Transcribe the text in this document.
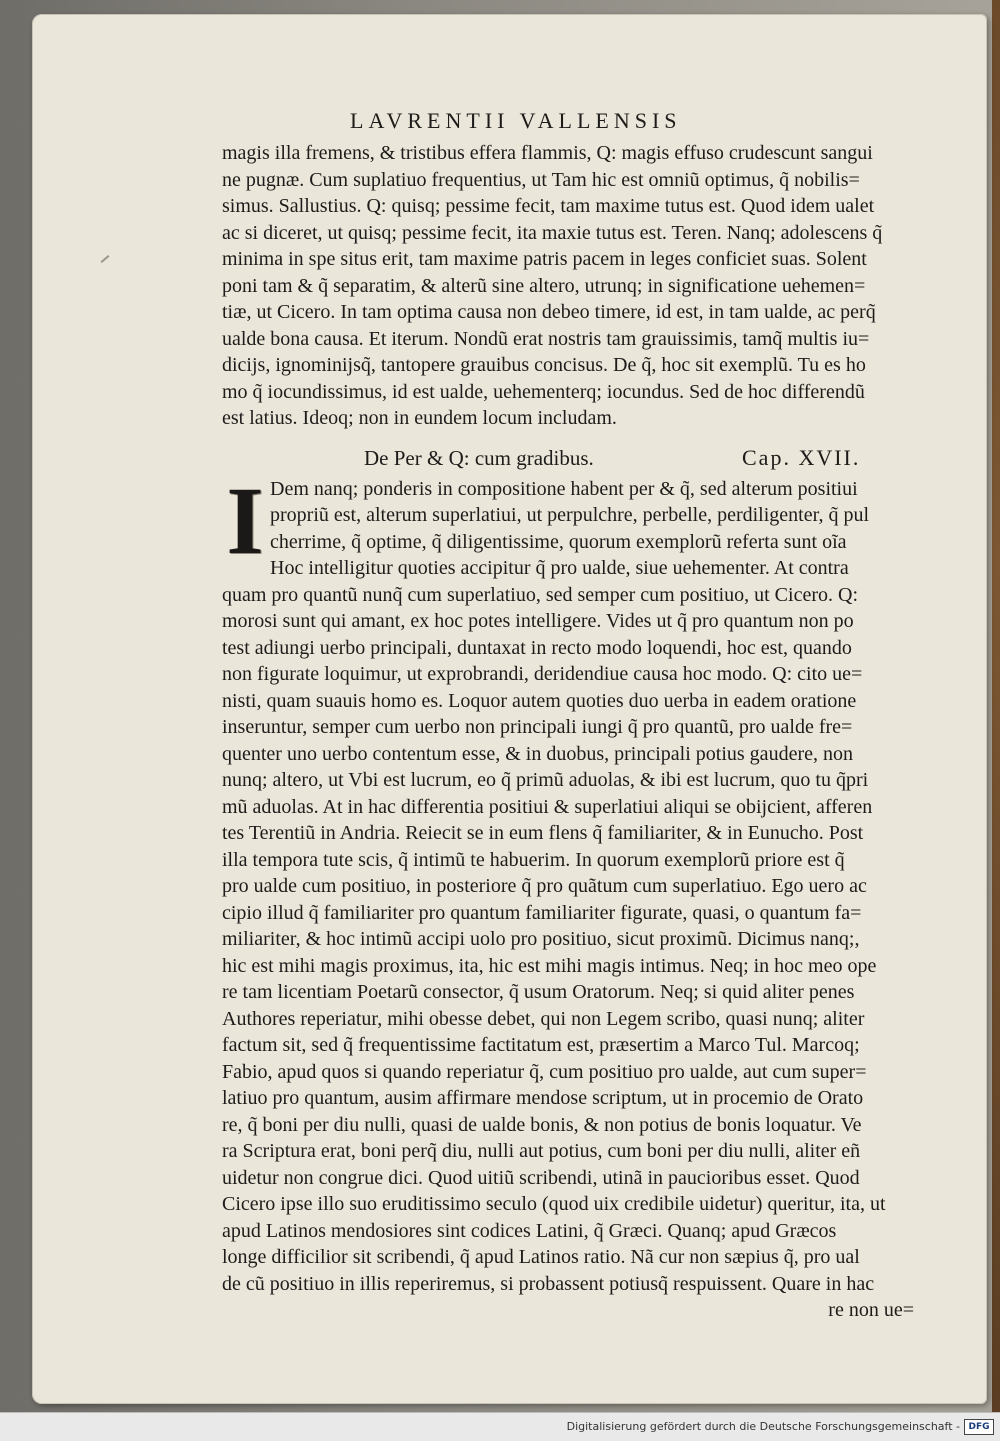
LAVRENTII VALLENSIS
magis illa fremens, & tristibus effera flammis, Q: magis effuso crudescunt sangui
ne pugnæ. Cum suplatiuo frequentius, ut Tam hic est omniũ optimus, q̃ nobilis=
simus. Sallustius. Q: quisq; pessime fecit, tam maxime tutus est. Quod idem ualet
ac si diceret, ut quisq; pessime fecit, ita maxie tutus est. Teren. Nanq; adolescens q̃
minima in spe situs erit, tam maxime patris pacem in leges conficiet suas. Solent
poni tam & q̃ separatim, & alterũ sine altero, utrunq; in significatione uehemen=
tiæ, ut Cicero. In tam optima causa non debeo timere, id est, in tam ualde, ac perq̃
ualde bona causa. Et iterum. Nondũ erat nostris tam grauissimis, tamq̃ multis iu=
dicijs, ignominijsq̃, tantopere grauibus concisus. De q̃, hoc sit exemplũ. Tu es ho
mo q̃ iocundissimus, id est ualde, uehementerq; iocundus. Sed de hoc differendũ
est latius. Ideoq; non in eundem locum includam.
De Per & Q: cum gradibus.	Cap. XVII.
I Dem nanq; ponderis in compositione habent per & q̃, sed alterum positiui
propriũ est, alterum superlatiui, ut perpulchre, perbelle, perdiligenter, q̃ pul
cherrime, q̃ optime, q̃ diligentissime, quorum exemplorũ referta sunt oĩa
Hoc intelligitur quoties accipitur q̃ pro ualde, siue uehementer. At contra
quam pro quantũ nunq̃ cum superlatiuo, sed semper cum positiuo, ut Cicero. Q:
morosi sunt qui amant, ex hoc potes intelligere. Vides ut q̃ pro quantum non po
test adiungi uerbo principali, duntaxat in recto modo loquendi, hoc est, quando
non figurate loquimur, ut exprobrandi, deridendiue causa hoc modo. Q: cito ue=
nisti, quam suauis homo es. Loquor autem quoties duo uerba in eadem oratione
inseruntur, semper cum uerbo non principali iungi q̃ pro quantũ, pro ualde fre=
quenter uno uerbo contentum esse, & in duobus, principali potius gaudere, non
nunq; altero, ut Vbi est lucrum, eo q̃ primũ aduolas, & ibi est lucrum, quo tu q̃pri
mũ aduolas. At in hac differentia positiui & superlatiui aliqui se obijcient, afferen
tes Terentiũ in Andria. Reiecit se in eum flens q̃ familiariter, & in Eunucho. Post
illa tempora tute scis, q̃ intimũ te habuerim. In quorum exemplorũ priore est q̃
pro ualde cum positiuo, in posteriore q̃ pro quãtum cum superlatiuo. Ego uero ac
cipio illud q̃ familiariter pro quantum familiariter figurate, quasi, o quantum fa=
miliariter, & hoc intimũ accipi uolo pro positiuo, sicut proximũ. Dicimus nanq;,
hic est mihi magis proximus, ita, hic est mihi magis intimus. Neq; in hoc meo ope
re tam licentiam Poetarũ consector, q̃ usum Oratorum. Neq; si quid aliter penes
Authores reperiatur, mihi obesse debet, qui non Legem scribo, quasi nunq; aliter
factum sit, sed q̃ frequentissime factitatum est, præsertim a Marco Tul. Marcoq;
Fabio, apud quos si quando reperiatur q̃, cum positiuo pro ualde, aut cum super=
latiuo pro quantum, ausim affirmare mendose scriptum, ut in procemio de Orato
re, q̃ boni per diu nulli, quasi de ualde bonis, & non potius de bonis loquatur. Ve
ra Scriptura erat, boni perq̃ diu, nulli aut potius, cum boni per diu nulli, aliter eñ
uidetur non congrue dici. Quod uitiũ scribendi, utinã in paucioribus esset. Quod
Cicero ipse illo suo eruditissimo seculo (quod uix credibile uidetur) queritur, ita, ut
apud Latinos mendosiores sint codices Latini, q̃ Græci. Quanq; apud Græcos
longe difficilior sit scribendi, q̃ apud Latinos ratio. Nã cur non sæpius q̃, pro ual
de cũ positiuo in illis reperiremus, si probassent potiusq̃ respuissent. Quare in hac
re non ue=
Digitalisierung gefördert durch die Deutsche Forschungsgemeinschaft - DFG
